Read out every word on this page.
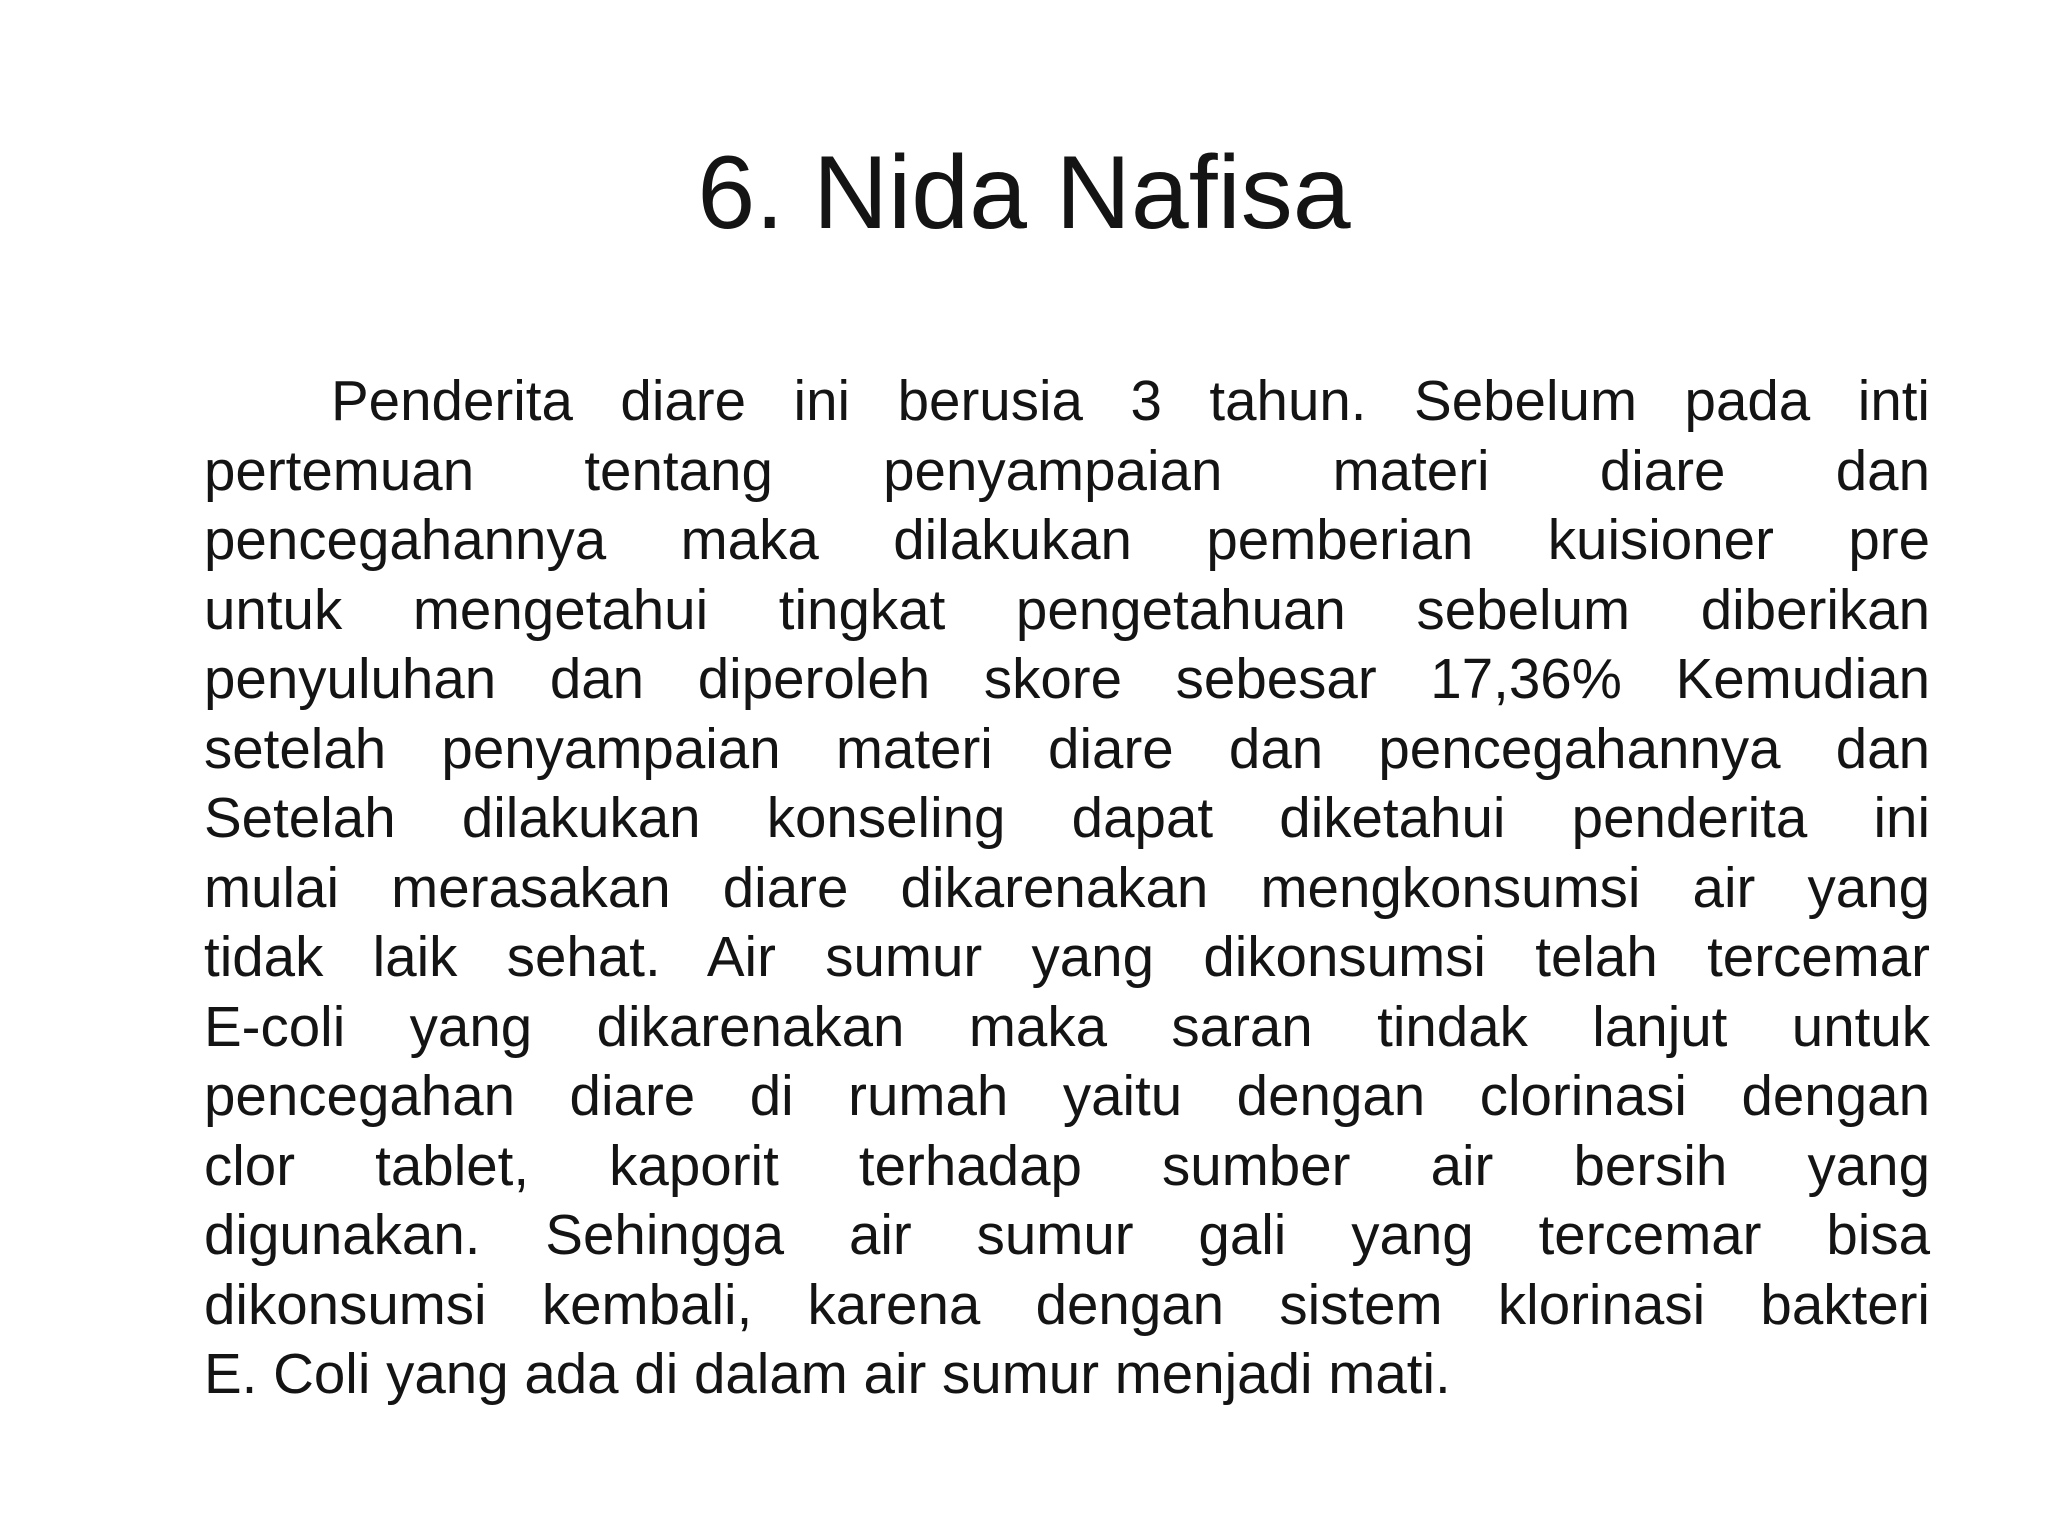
6. Nida Nafisa
Penderita diare ini berusia 3 tahun. Sebelum pada inti
pertemuan tentang penyampaian materi diare dan
pencegahannya maka dilakukan pemberian kuisioner pre
untuk mengetahui tingkat pengetahuan sebelum diberikan
penyuluhan dan diperoleh skore sebesar 17,36% Kemudian
setelah penyampaian materi diare dan pencegahannya dan
Setelah dilakukan konseling dapat diketahui penderita ini
mulai merasakan diare dikarenakan mengkonsumsi air yang
tidak laik sehat. Air sumur yang dikonsumsi telah tercemar
E-coli yang dikarenakan maka saran tindak lanjut untuk
pencegahan diare di rumah yaitu dengan clorinasi dengan
clor tablet, kaporit terhadap sumber air bersih yang
digunakan. Sehingga air sumur gali yang tercemar bisa
dikonsumsi kembali, karena dengan sistem klorinasi bakteri
E. Coli yang ada di dalam air sumur menjadi mati.
